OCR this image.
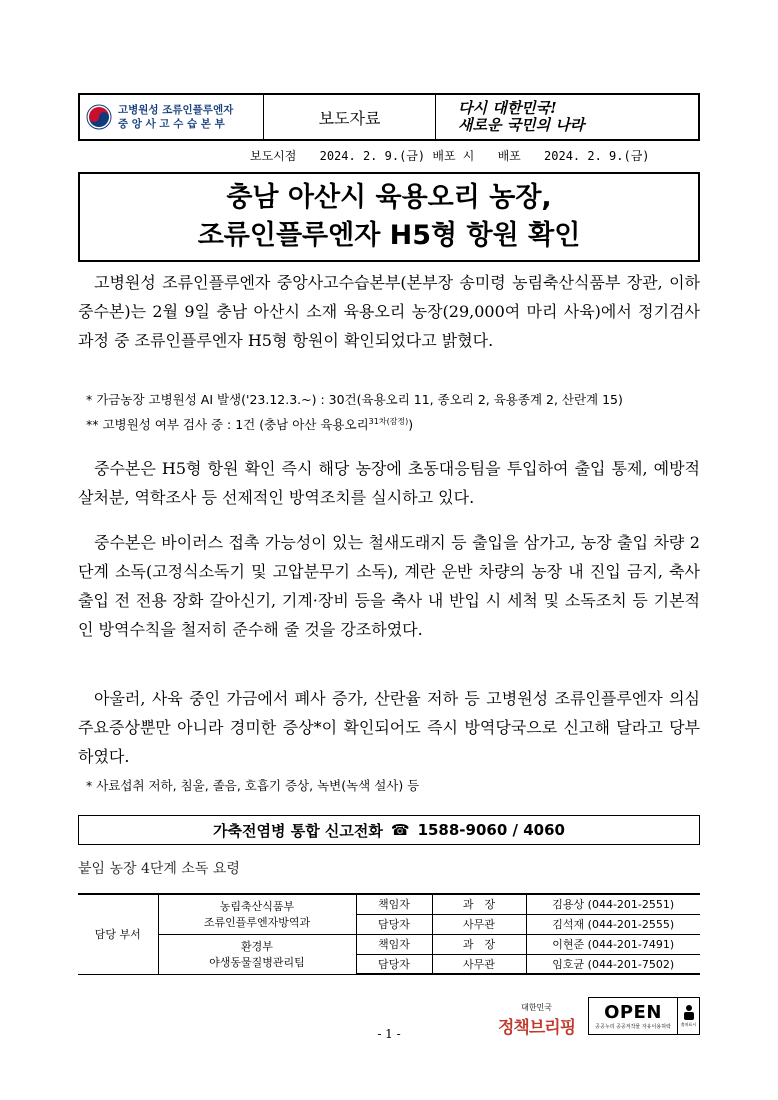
고병원성 조류인플루엔자
중 앙 사 고 수 습 본 부	보도자료
다시 대한민국!
새로운 국민의 나라
보도시점 2024. 2. 9.(금) 배포 시 배포 2024. 2. 9.(금)
충남 아산시 육용오리 농장,
조류인플루엔자 H5형 항원 확인

고병원성 조류인플루엔자 중앙사고수습본부(본부장 송미령 농림축산식품부 장관, 이하 중수본)는 2월 9일 충남 아산시 소재 육용오리 농장(29,000여 마리 사육)에서 정기검사 과정 중 조류인플루엔자 H5형 항원이 확인되었다고 밝혔다.

* 가금농장 고병원성 AI 발생('23.12.3.~) : 30건(육용오리 11, 종오리 2, 육용종계 2, 산란계 15)
** 고병원성 여부 검사 중 : 1건 (충남 아산 육용오리$^{31차(잠정)}$)

중수본은 H5형 항원 확인 즉시 해당 농장에 초동대응팀을 투입하여 출입 통제, 예방적 살처분, 역학조사 등 선제적인 방역조치를 실시하고 있다.

중수본은 바이러스 접촉 가능성이 있는 철새도래지 등 출입을 삼가고, 농장 출입 차량 2단계 소독(고정식소독기 및 고압분무기 소독), 계란 운반 차량의 농장 내 진입 금지, 축사 출입 전 전용 장화 갈아신기, 기계·장비 등을 축사 내 반입 시 세척 및 소독조치 등 기본적인 방역수칙을 철저히 준수해 줄 것을 강조하였다.

아울러, 사육 중인 가금에서 폐사 증가, 산란율 저하 등 고병원성 조류인플루엔자 의심 주요증상뿐만 아니라 경미한 증상*이 확인되어도 즉시 방역당국으로 신고해 달라고 당부하였다.

* 사료섭취 저하, 침울, 졸음, 호흡기 증상, 녹변(녹색 설사) 등
가축전염병 통합 신고전화 ☎ 1588-9060 / 4060
붙임 농장 4단계 소독 요령
담당 부서	농림축산식품부
조류인플루엔자방역과	책임자	과　장	김용상 (044-201-2551)
		담당자	사무관	김석재 (044-201-2555)

	환경부
야생동물질병관리팀	책임자	과　장	이현준 (044-201-7491)
		담당자	사무관	임호균 (044-201-7502)
대한민국
정책브리핑
OPEN
공공누리 공공저작물 자유이용허락 출처표시
- 1 -
